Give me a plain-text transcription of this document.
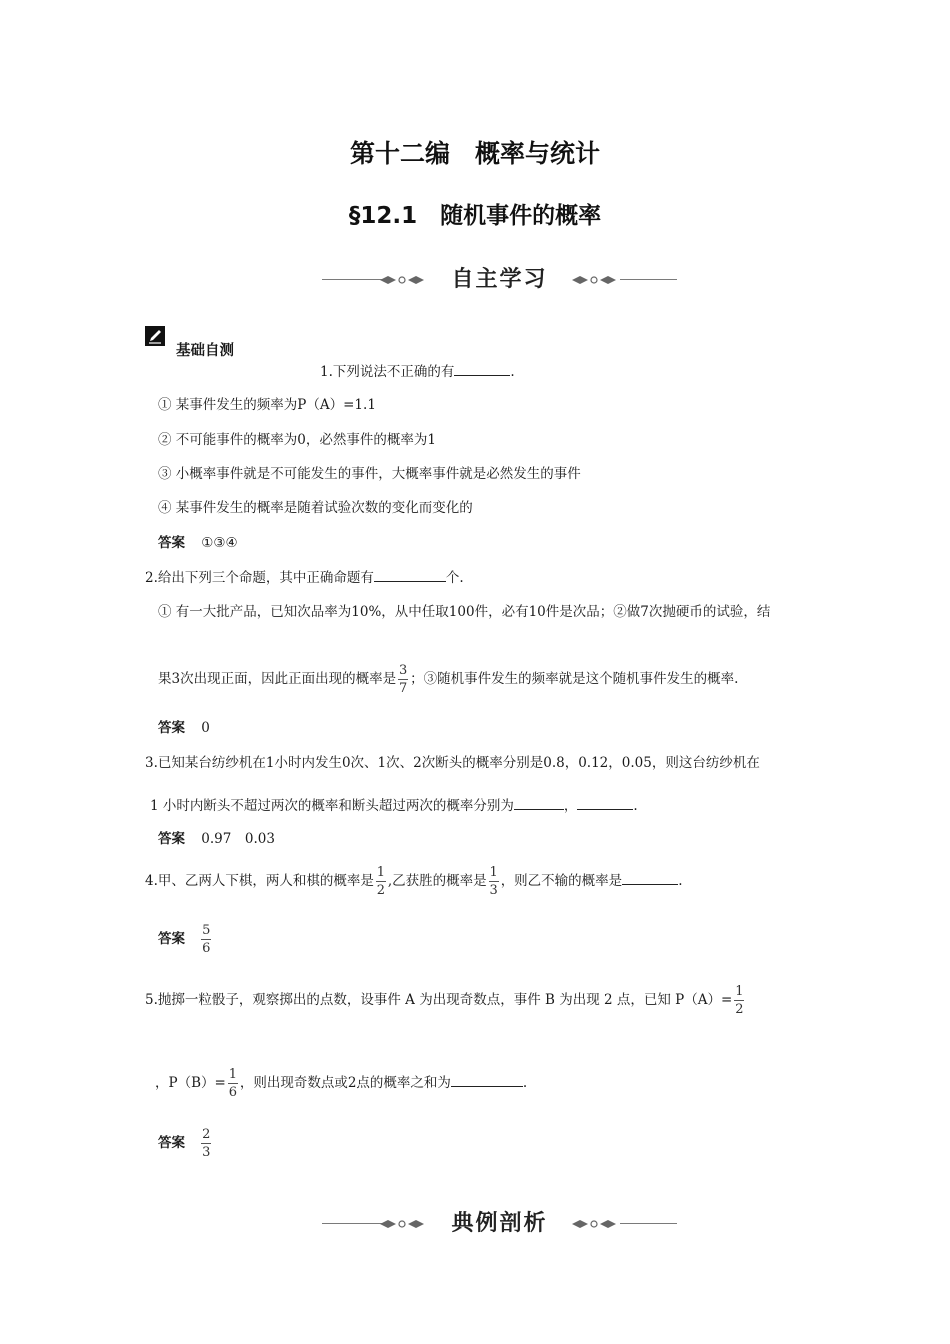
第十二编　概率与统计
§12.1　随机事件的概率
自主学习
基础自测
1.下列说法不正确的有	.
① 某事件发生的频率为P（A）=1.1
② 不可能事件的概率为0，必然事件的概率为1
③ 小概率事件就是不可能发生的事件，大概率事件就是必然发生的事件
④ 某事件发生的概率是随着试验次数的变化而变化的
答案 ①③④
2.给出下列三个命题，其中正确命题有	个.
① 有一大批产品，已知次品率为10%，从中任取100件，必有10件是次品；②做7次抛硬币的试验，结
果3次出现正面，因此正面出现的概率是 $\frac{3}{7}$ ；③随机事件发生的频率就是这个随机事件发生的概率.
答案 0
3.已知某台纺纱机在1小时内发生0次、1次、2次断头的概率分别是0.8，0.12，0.05，则这台纺纱机在
1 小时内断头不超过两次的概率和断头超过两次的概率分别为	，	.
答案 0.97　0.03
4.甲、乙两人下棋，两人和棋的概率是 $\frac{1}{2}$ ,乙获胜的概率是 $\frac{1}{3}$ ，则乙不输的概率是	.
答案 $\frac{5}{6}$
5.抛掷一粒骰子，观察掷出的点数，设事件 A 为出现奇数点，事件 B 为出现 2 点，已知 $P(A)= \frac{1}{2}$
，$P(B)= \frac{1}{6}$ ，则出现奇数点或2点的概率之和为	.
答案 $\frac{2}{3}$
典例剖析
